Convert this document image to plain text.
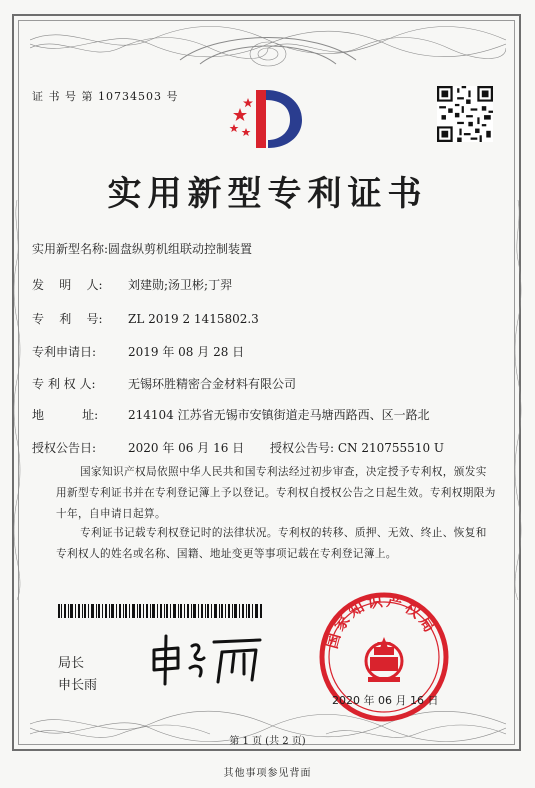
证 书 号 第 10734503 号
实用新型专利证书
实用新型名称:圆盘纵剪机组联动控制装置
发    明    人: 刘建勋;汤卫彬;丁羿
专    利    号: ZL 2019 2 1415802.3
专利申请日:	2019 年 08 月 28 日
专 利 权 人:	无锡环胜精密合金材料有限公司
地          址: 214104 江苏省无锡市安镇街道走马塘西路西、区一路北
授权公告日:	2020 年 06 月 16 日 授权公告号: CN 210755510 U
国家知识产权局依照中华人民共和国专利法经过初步审查，决定授予专利权，颁发实用新型专利证书并在专利登记簿上予以登记。专利权自授权公告之日起生效。专利权期限为十年，自申请日起算。
专利证书记载专利权登记时的法律状况。专利权的转移、质押、无效、终止、恢复和专利权人的姓名或名称、国籍、地址变更等事项记载在专利登记簿上。
局长
申长雨
国家知识产权局
2020 年 06 月 16 日
第 1 页 (共 2 页)
其他事项参见背面
